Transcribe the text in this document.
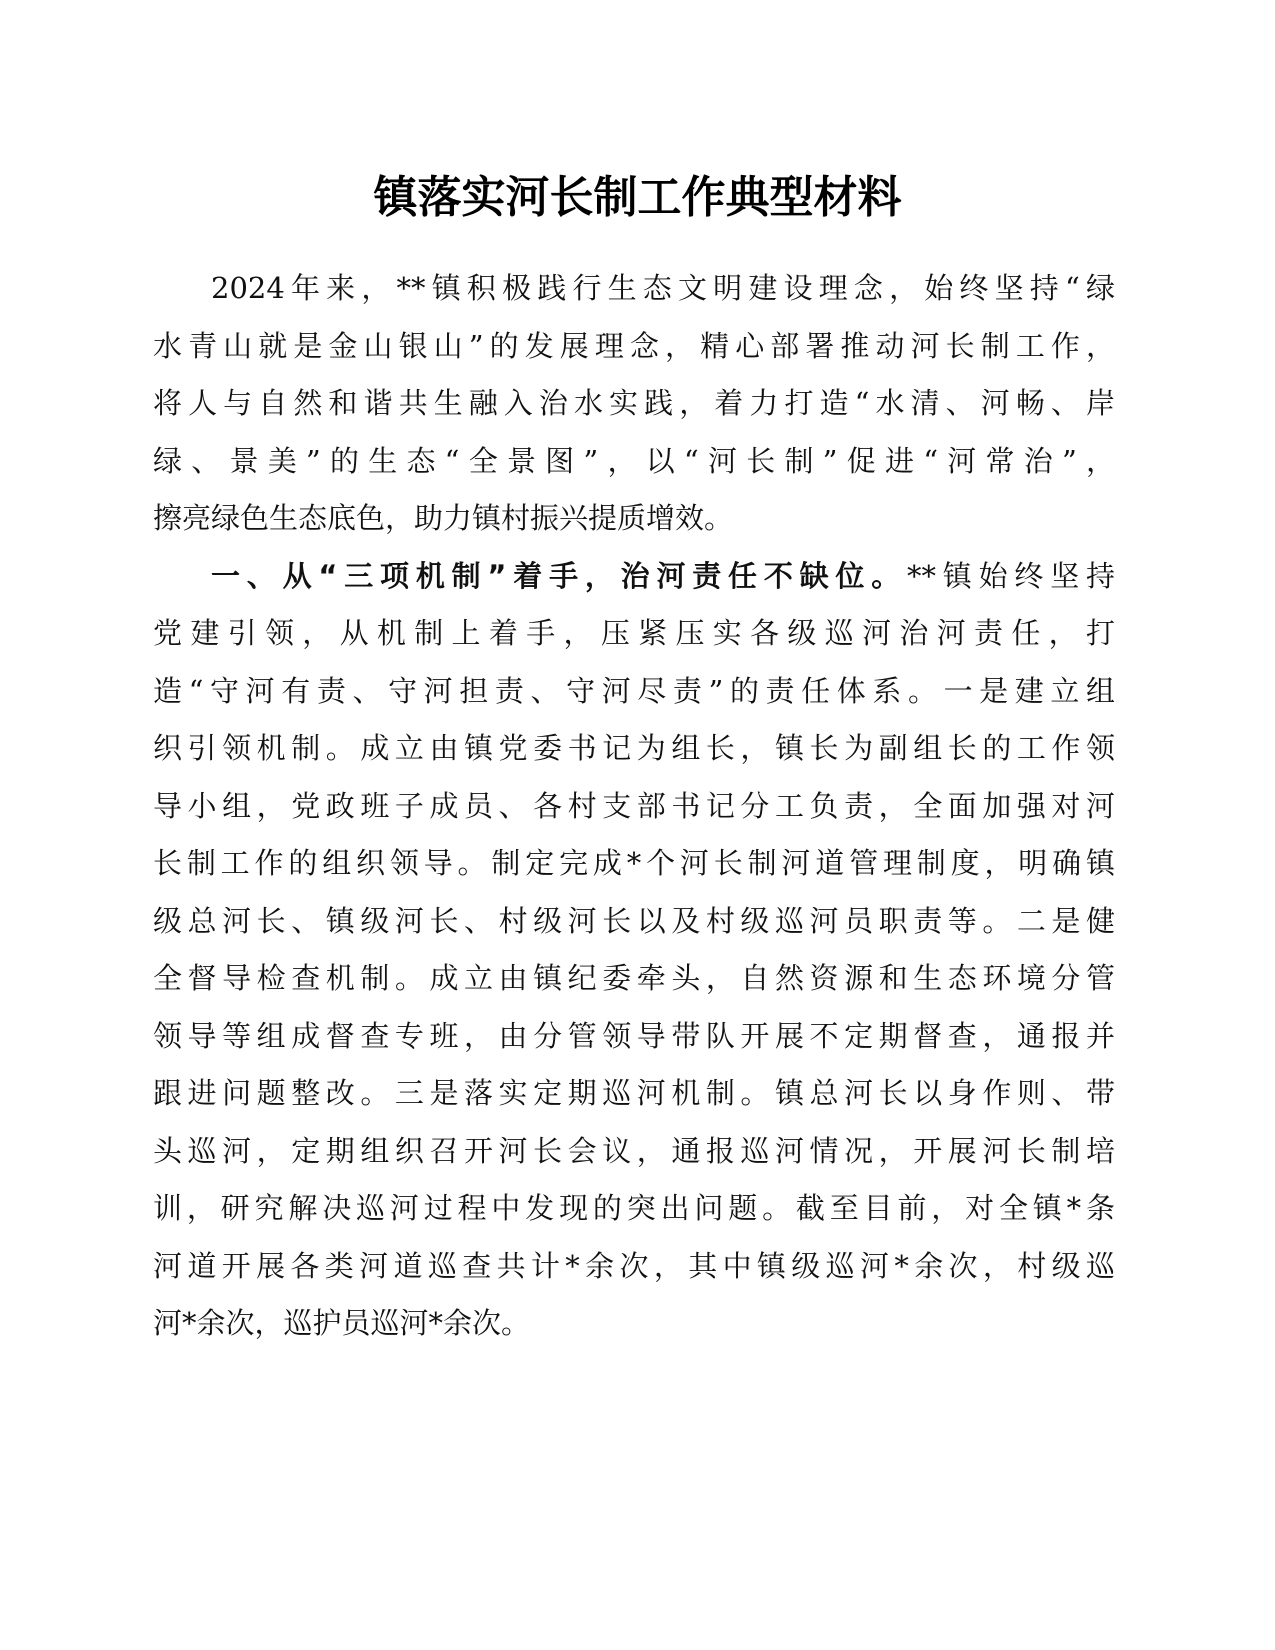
镇落实河长制工作典型材料
2024年来，**镇积极践行生态文明建设理念，始终坚持“绿
水青山就是金山银山”的发展理念，精心部署推动河长制工作，
将人与自然和谐共生融入治水实践，着力打造“水清、河畅、岸
绿、景美”的生态“全景图”，以“河长制”促进“河常治”，
擦亮绿色生态底色，助力镇村振兴提质增效。
一、从“三项机制”着手，治河责任不缺位。**镇始终坚持
党建引领，从机制上着手，压紧压实各级巡河治河责任，打
造“守河有责、守河担责、守河尽责”的责任体系。一是建立组
织引领机制。成立由镇党委书记为组长，镇长为副组长的工作领
导小组，党政班子成员、各村支部书记分工负责，全面加强对河
长制工作的组织领导。制定完成*个河长制河道管理制度，明确镇
级总河长、镇级河长、村级河长以及村级巡河员职责等。二是健
全督导检查机制。成立由镇纪委牵头，自然资源和生态环境分管
领导等组成督查专班，由分管领导带队开展不定期督查，通报并
跟进问题整改。三是落实定期巡河机制。镇总河长以身作则、带
头巡河，定期组织召开河长会议，通报巡河情况，开展河长制培
训，研究解决巡河过程中发现的突出问题。截至目前，对全镇*条
河道开展各类河道巡查共计*余次，其中镇级巡河*余次，村级巡
河*余次，巡护员巡河*余次。
